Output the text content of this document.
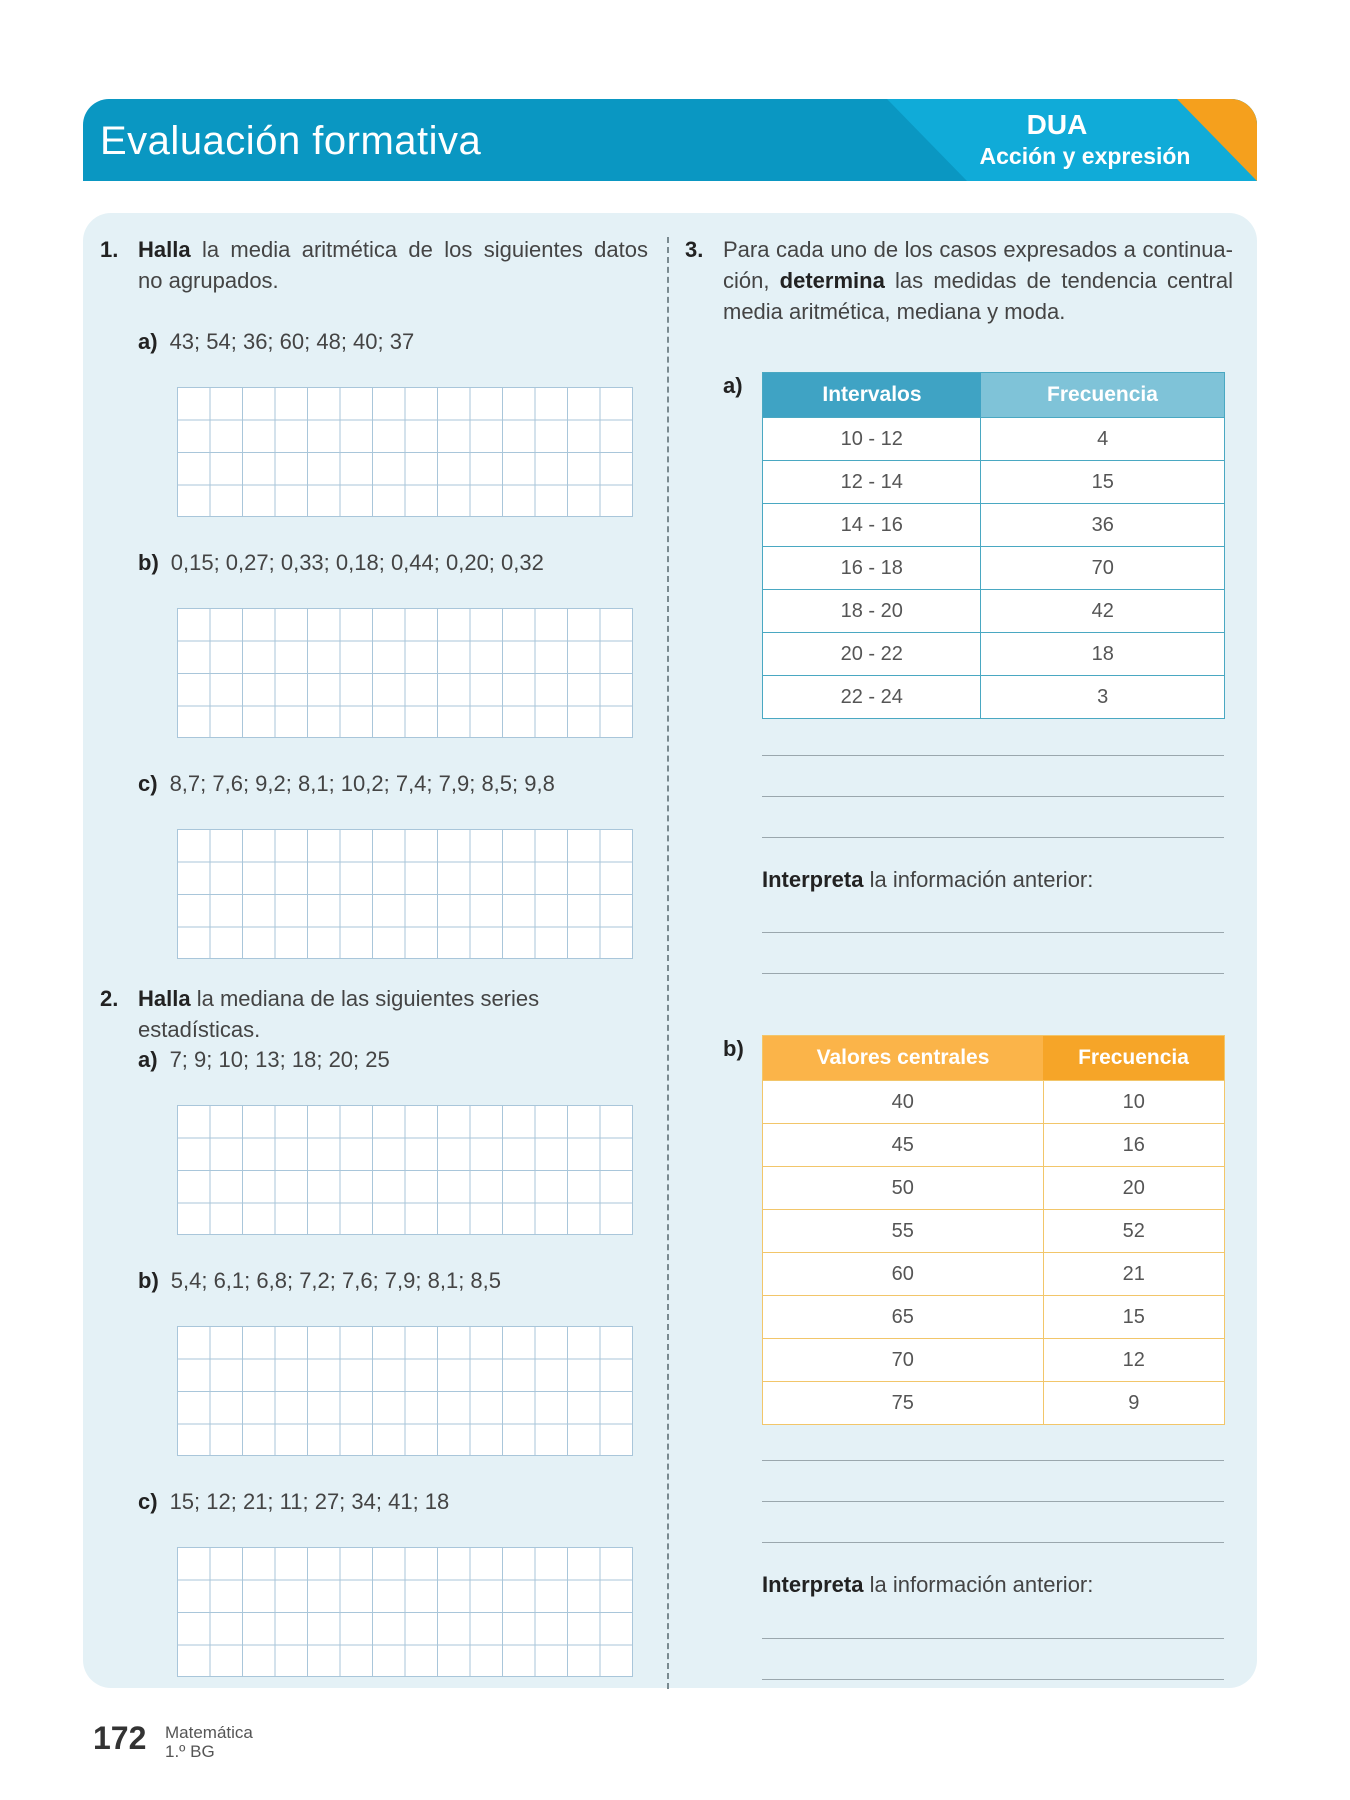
Evaluación formativa	DUA
Acción y expresión
1. Halla la media aritmética de los siguientes datos
no agrupados.
a) 43; 54; 36; 60; 48; 40; 37
b) 0,15; 0,27; 0,33; 0,18; 0,44; 0,20; 0,32
c) 8,7; 7,6; 9,2; 8,1; 10,2; 7,4; 7,9; 8,5; 9,8
2. Halla la mediana de las siguientes series estadísticas.
a) 7; 9; 10; 13; 18; 20; 25
b) 5,4; 6,1; 6,8; 7,2; 7,6; 7,9; 8,1; 8,5
c) 15; 12; 21; 11; 27; 34; 41; 18
3. Para cada uno de los casos expresados a continua-
ción, determina las medidas de tendencia central
media aritmética, mediana y moda.
a)	Intervalos	Frecuencia
10 - 12	4
12 - 14	15
14 - 16	36
16 - 18	70
18 - 20	42
20 - 22	18
22 - 24	3
Interpreta la información anterior:
b)	Valores centrales	Frecuencia
40	10
45	16
50	20
55	52
60	21
65	15
70	12
75	9
Interpreta la información anterior:
172 Matemática
1.º BG
